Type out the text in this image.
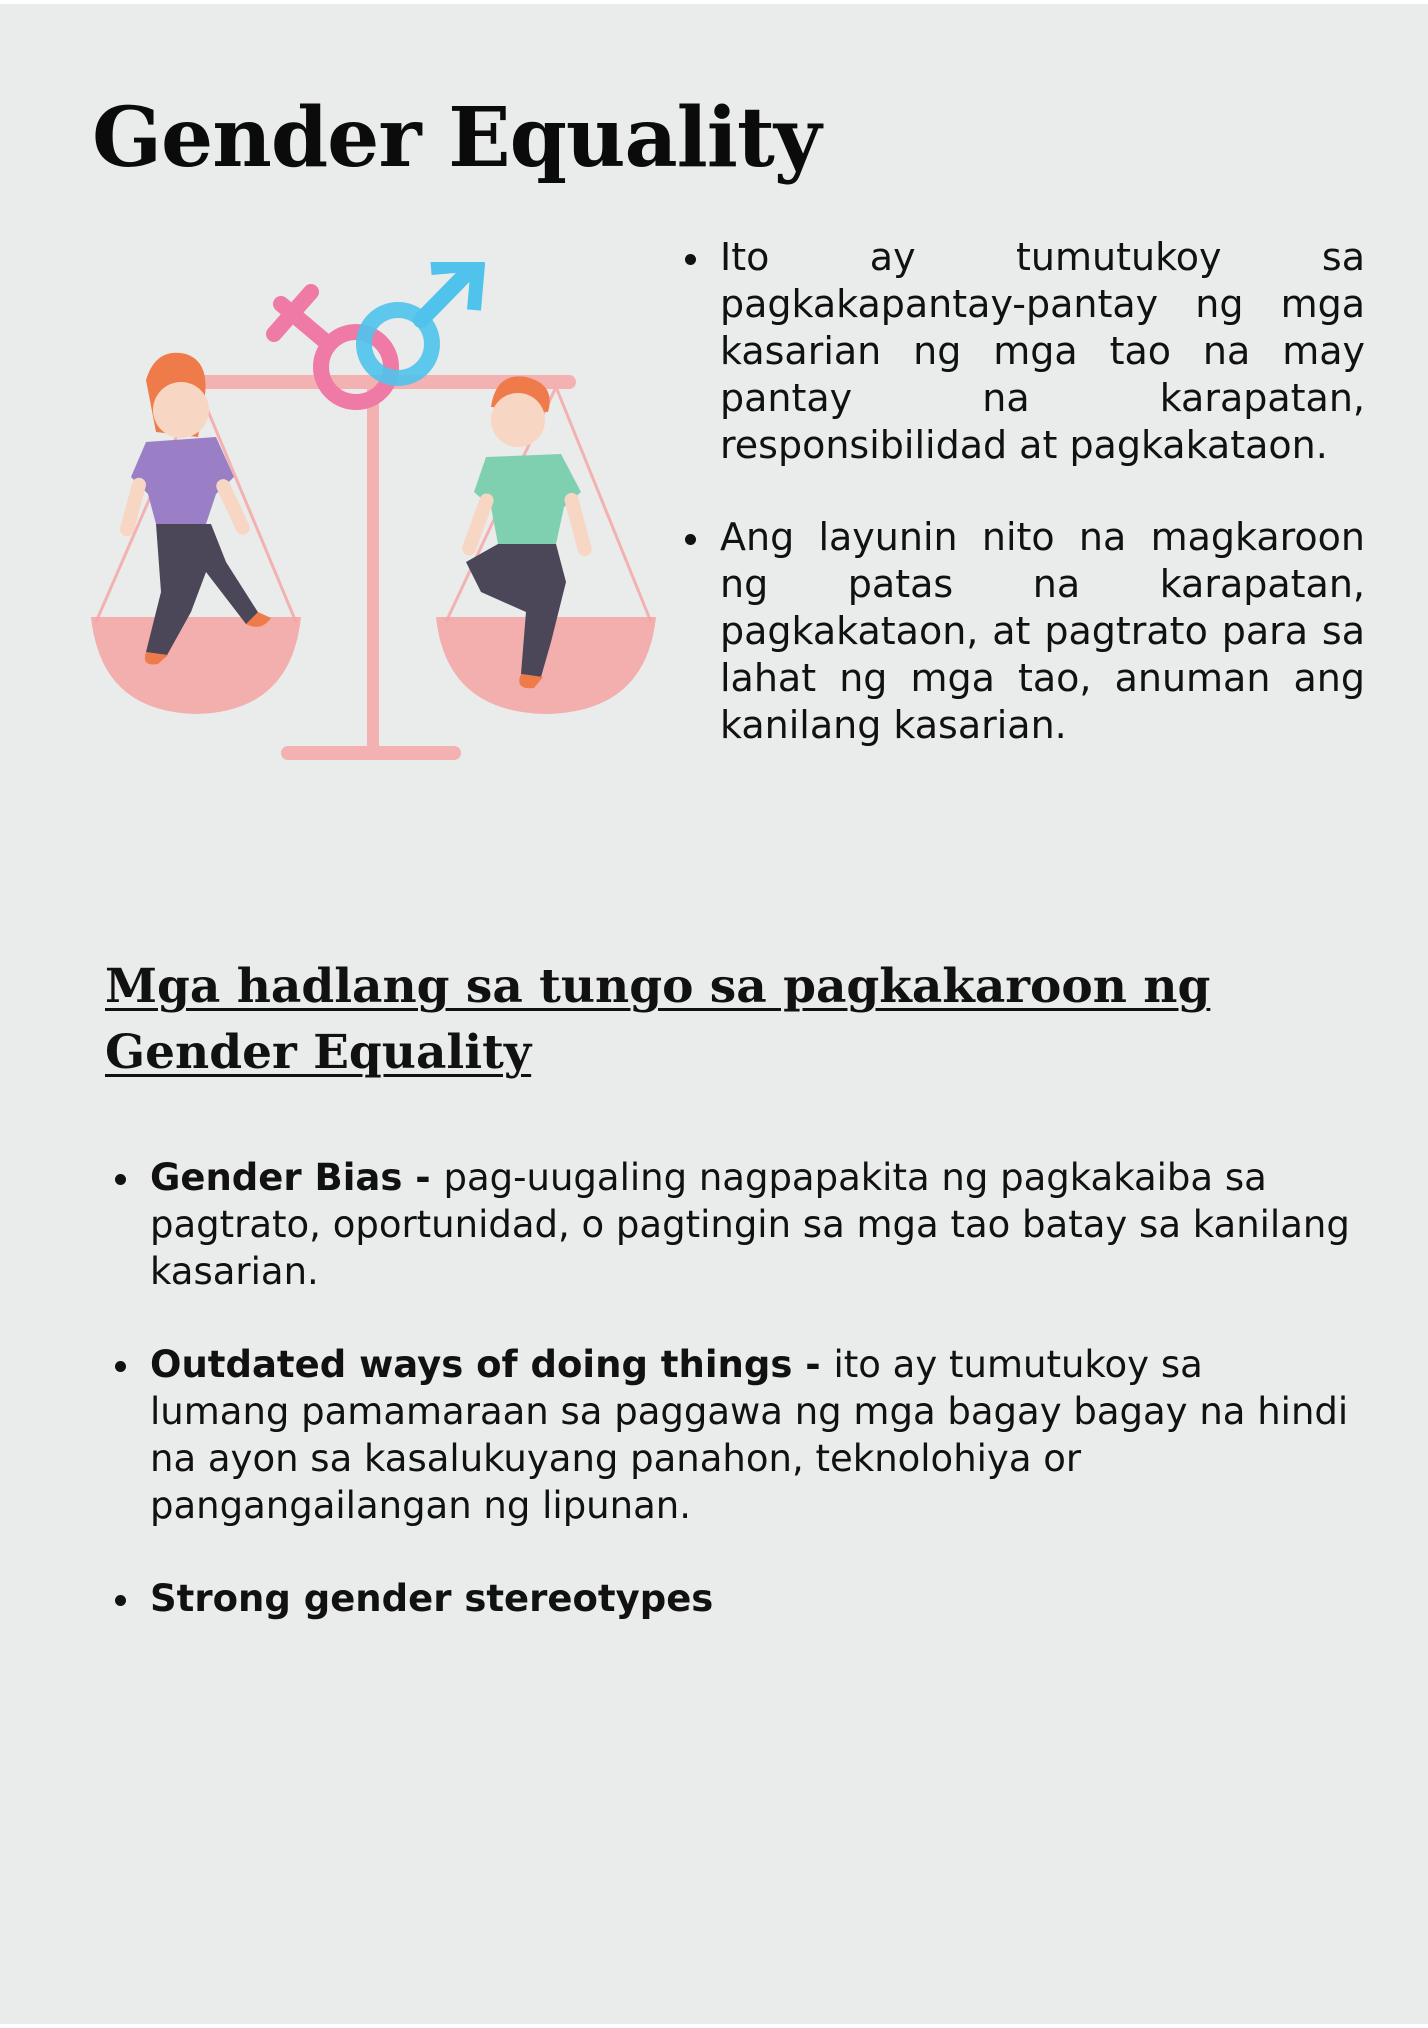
Gender Equality
Ito ay tumutukoy sa pagkakapantay-pantay ng mga kasarian ng mga tao na may pantay na karapatan, responsibilidad at pagkakataon.
Ang layunin nito na magkaroon ng patas na karapatan, pagkakataon, at pagtrato para sa lahat ng mga tao, anuman ang kanilang kasarian.
Mga hadlang sa tungo sa pagkakaroon ng
Gender Equality
Gender Bias - pag-uugaling nagpapakita ng pagkakaiba sa pagtrato, oportunidad, o pagtingin sa mga tao batay sa kanilang kasarian.
Outdated ways of doing things - ito ay tumutukoy sa lumang pamamaraan sa paggawa ng mga bagay bagay na hindi na ayon sa kasalukuyang panahon, teknolohiya or pangangailangan ng lipunan.
Strong gender stereotypes
